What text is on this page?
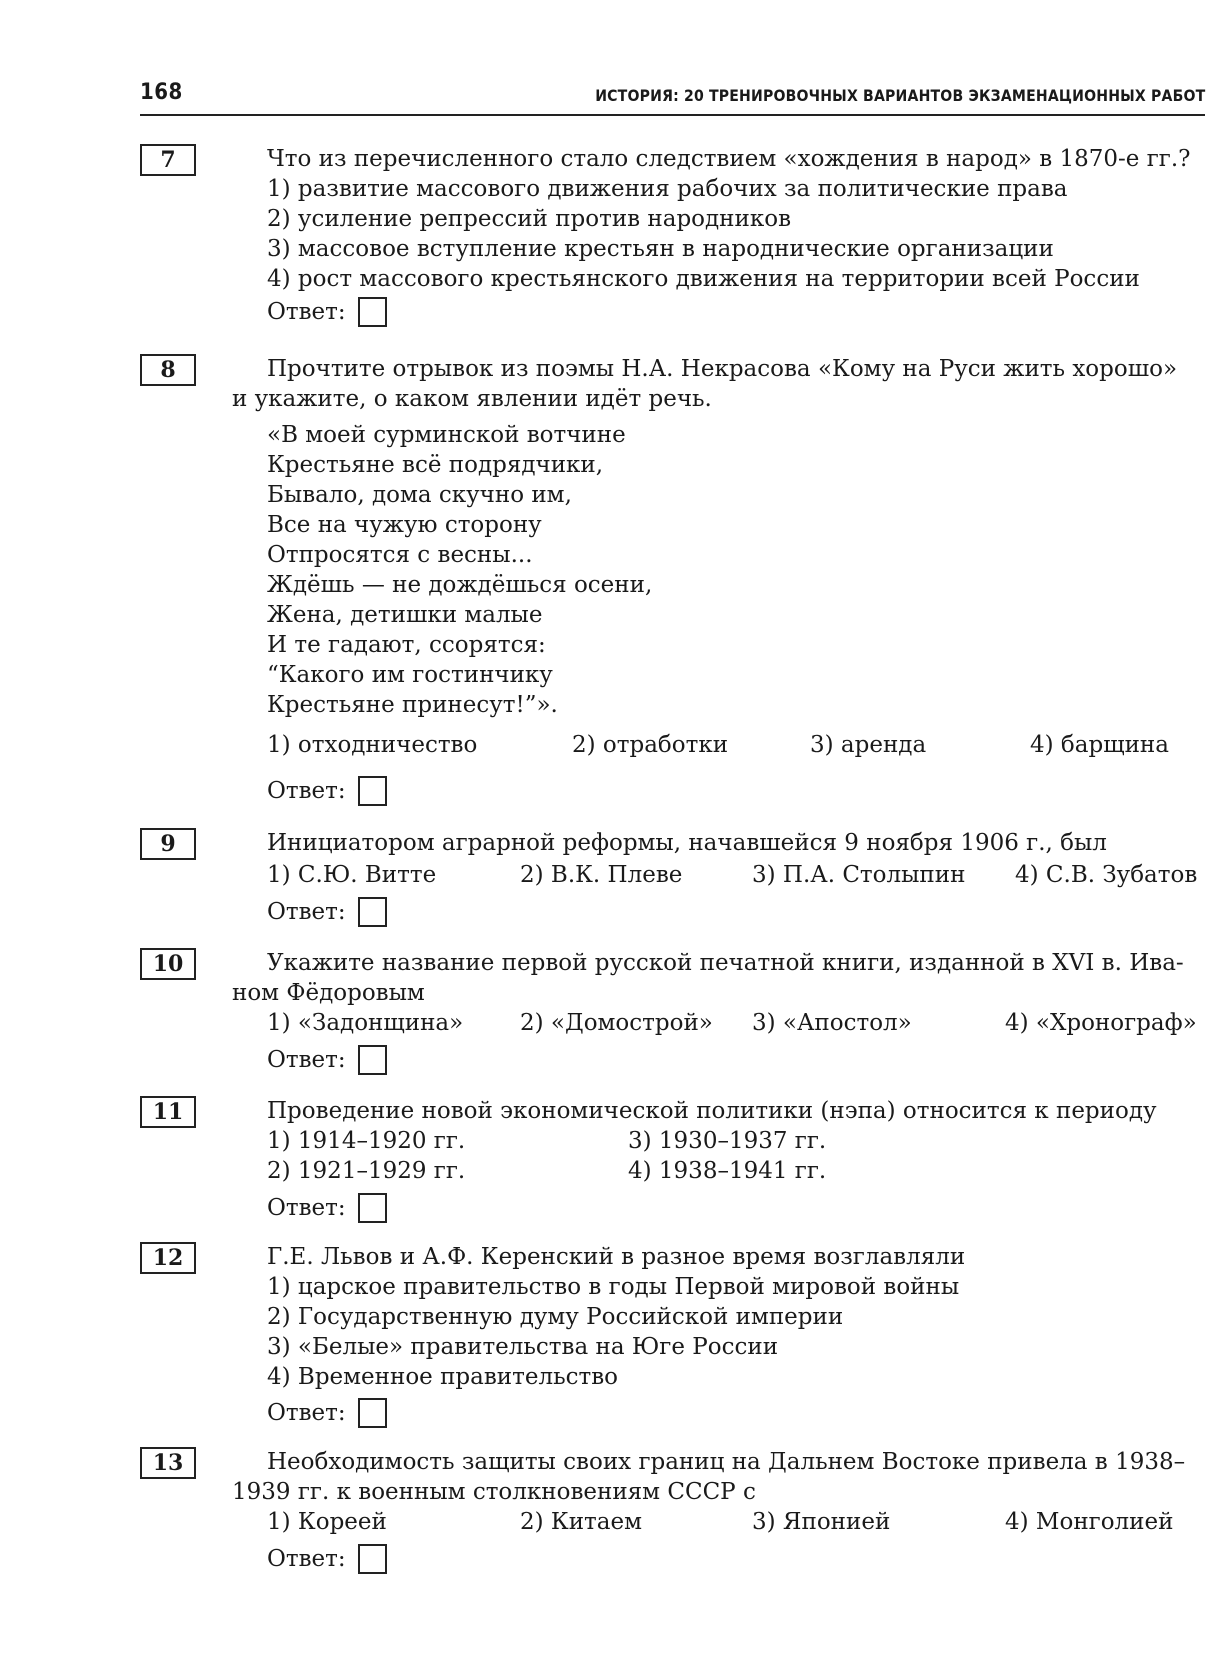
168	ИСТОРИЯ: 20 ТРЕНИРОВОЧНЫХ ВАРИАНТОВ ЭКЗАМЕНАЦИОННЫХ РАБОТ
7	Что из перечисленного стало следствием «хождения в народ» в 1870-е гг.?
1) развитие массового движения рабочих за политические права
2) усиление репрессий против народников
3) массовое вступление крестьян в народнические организации
4) рост массового крестьянского движения на территории всей России
Ответ:
8	Прочтите отрывок из поэмы Н.А. Некрасова «Кому на Руси жить хорошо»
и укажите, о каком явлении идёт речь.
«В моей сурминской вотчине
Крестьяне всё подрядчики,
Бывало, дома скучно им,
Все на чужую сторону
Отпросятся с весны...
Ждёшь — не дождёшься осени,
Жена, детишки малые
И те гадают, ссорятся:
“Какого им гостинчику
Крестьяне принесут!”».
1) отходничество	2) отработки	3) аренда	4) барщина
Ответ:
9	Инициатором аграрной реформы, начавшейся 9 ноября 1906 г., был
1) С.Ю. Витте	2) В.К. Плеве	3) П.А. Столыпин 4) С.В. Зубатов
Ответ:
10	Укажите название первой русской печатной книги, изданной в XVI в. Ива-
ном Фёдоровым
1) «Задонщина» 2) «Домострой» 3) «Апостол»	4) «Хронограф»
Ответ:
11	Проведение новой экономической политики (нэпа) относится к периоду
1) 1914–1920 гг.	3) 1930–1937 гг.
2) 1921–1929 гг.	4) 1938–1941 гг.
Ответ:
12	Г.Е. Львов и А.Ф. Керенский в разное время возглавляли
1) царское правительство в годы Первой мировой войны
2) Государственную думу Российской империи
3) «Белые» правительства на Юге России
4) Временное правительство
Ответ:
13	Необходимость защиты своих границ на Дальнем Востоке привела в 1938–
1939 гг. к военным столкновениям СССР с
1) Кореей	2) Китаем	3) Японией	4) Монголией
Ответ:
